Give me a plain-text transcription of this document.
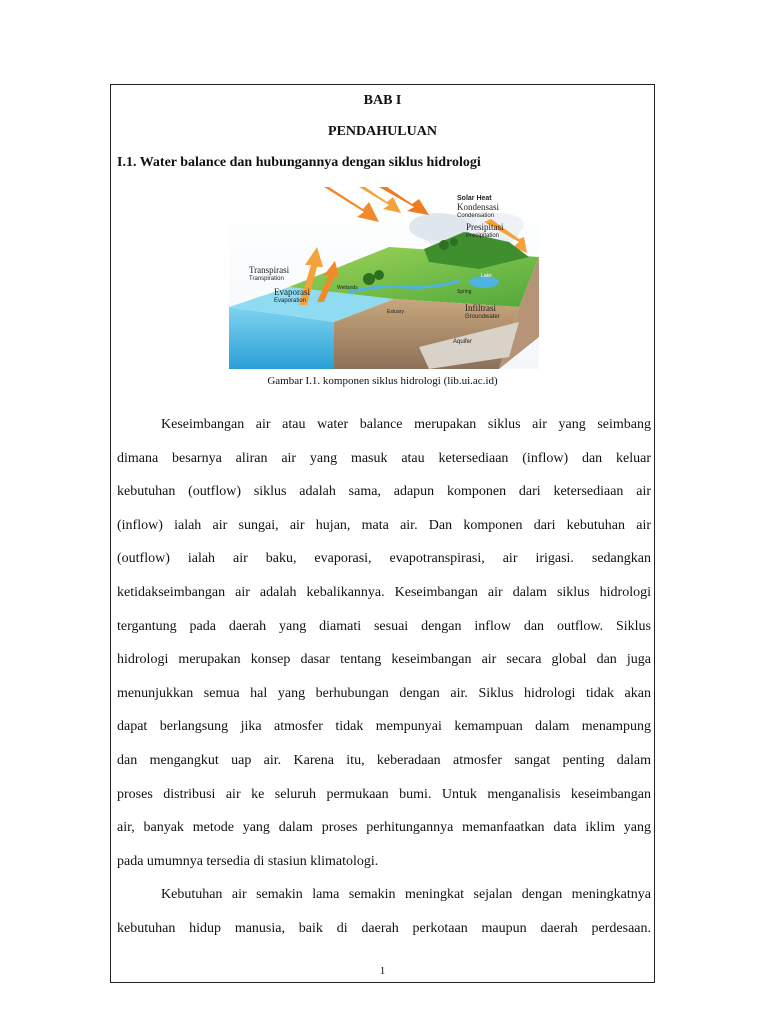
BAB I
PENDAHULUAN
I.1. Water balance dan hubungannya dengan siklus hidrologi
Solar Heat
Kondensasi
Condensation
Presipitasi
Precipitation
Transpirasi
Transpiration
Evaporasi
Evaporation
Infiltrasi
Groundwater
Aquifer
Lake
Wetlands
Estuary
Spring
Gambar I.1. komponen siklus hidrologi (lib.ui.ac.id)

Keseimbangan air atau water balance merupakan siklus air yang seimbang
dimana besarnya aliran air yang masuk atau ketersediaan (inflow) dan keluar
kebutuhan (outflow) siklus adalah sama, adapun komponen dari ketersediaan air
(inflow) ialah air sungai, air hujan, mata air. Dan komponen dari kebutuhan air
(outflow) ialah air baku, evaporasi, evapotranspirasi, air irigasi. sedangkan
ketidakseimbangan air adalah kebalikannya. Keseimbangan air dalam siklus hidrologi
tergantung pada daerah yang diamati sesuai dengan inflow dan outflow. Siklus
hidrologi merupakan konsep dasar tentang keseimbangan air secara global dan juga
menunjukkan semua hal yang berhubungan dengan air. Siklus hidrologi tidak akan
dapat berlangsung jika atmosfer tidak mempunyai kemampuan dalam menampung
dan mengangkut uap air. Karena itu, keberadaan atmosfer sangat penting dalam
proses distribusi air ke seluruh permukaan bumi. Untuk menganalisis keseimbangan
air, banyak metode yang dalam proses perhitungannya memanfaatkan data iklim yang
pada umumnya tersedia di stasiun klimatologi.

Kebutuhan air semakin lama semakin meningkat sejalan dengan meningkatnya
kebutuhan hidup manusia, baik di daerah perkotaan maupun daerah perdesaan.

1
